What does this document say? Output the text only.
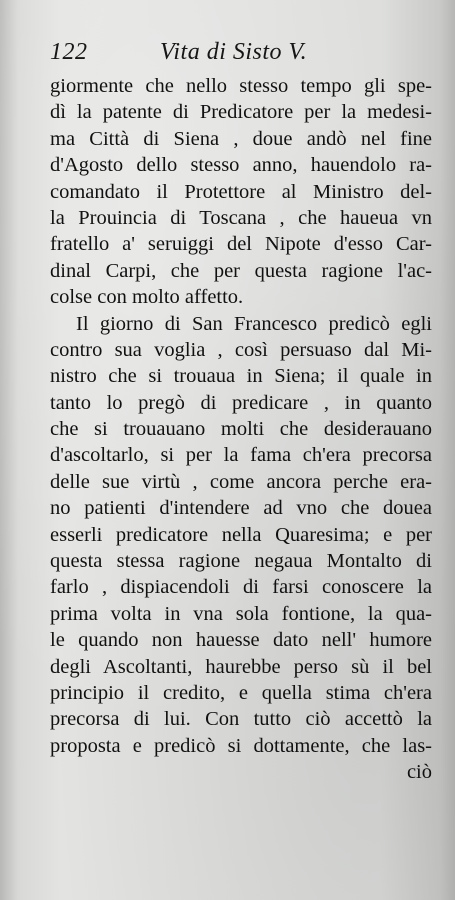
122	Vita di Sisto V.
giormente che nello stesso tempo gli spe-
dì la patente di Predicatore per la medesi-
ma Città di Siena , doue andò nel fine
d'Agosto dello stesso anno, hauendolo ra-
comandato il Protettore al Ministro del-
la Prouincia di Toscana , che haueua vn
fratello a' seruiggi del Nipote d'esso Car-
dinal Carpi, che per questa ragione l'ac-
colse con molto affetto.
Il giorno di San Francesco predicò egli
contro sua voglia , così persuaso dal Mi-
nistro che si trouaua in Siena; il quale in
tanto lo pregò di predicare , in quanto
che si trouauano molti che desiderauano
d'ascoltarlo, si per la fama ch'era precorsa
delle sue virtù , come ancora perche era-
no patienti d'intendere ad vno che douea
esserli predicatore nella Quaresima; e per
questa stessa ragione negaua Montalto di
farlo , dispiacendoli di farsi conoscere la
prima volta in vna sola fontione, la qua-
le quando non hauesse dato nell' humore
degli Ascoltanti, haurebbe perso sù il bel
principio il credito, e quella stima ch'era
precorsa di lui. Con tutto ciò accettò la
proposta e predicò si dottamente, che las-
ciò
